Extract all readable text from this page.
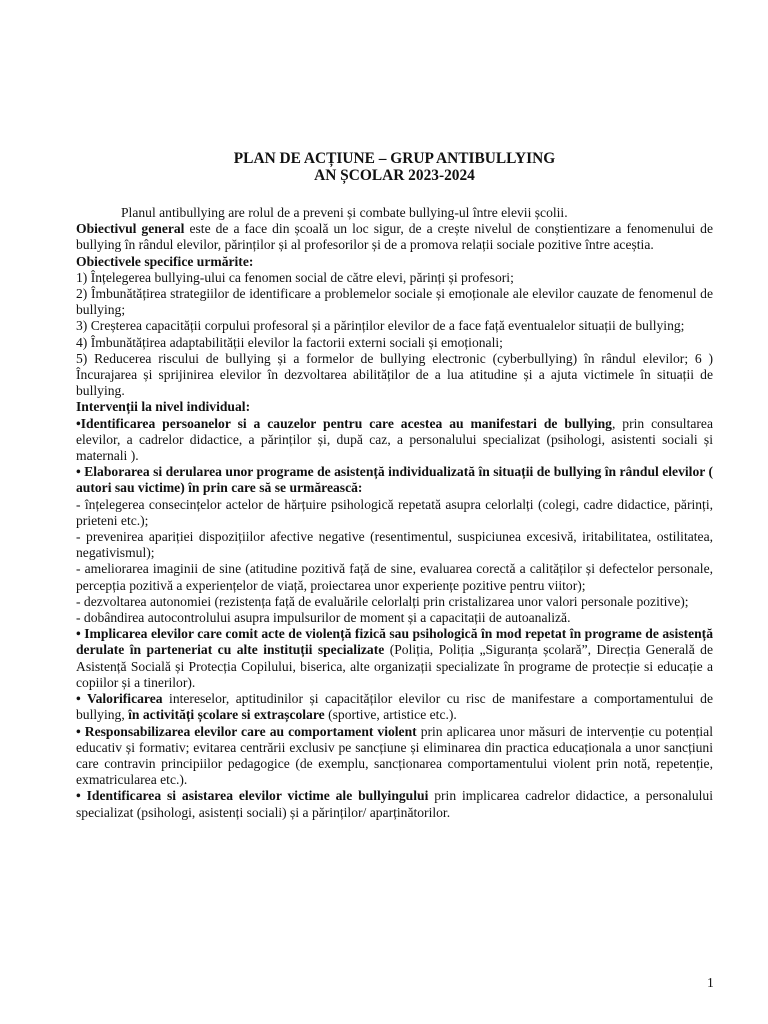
PLAN DE ACȚIUNE – GRUP ANTIBULLYING

AN ȘCOLAR 2023-2024

Planul antibullying are rolul de a preveni și combate bullying-ul între elevii școlii.

Obiectivul general este de a face din școală un loc sigur, de a crește nivelul de conștientizare a fenomenului de bullying în rândul elevilor, părinților și al profesorilor și de a promova relații sociale pozitive între aceștia.

Obiectivele specifice urmărite:

1) Înțelegerea bullying-ului ca fenomen social de către elevi, părinți și profesori;

2) Îmbunătățirea strategiilor de identificare a problemelor sociale și emoționale ale elevilor cauzate de fenomenul de bullying;

3) Creșterea capacității corpului profesoral și a părinților elevilor de a face față eventualelor situații de bullying;

4) Îmbunătățirea adaptabilității elevilor la factorii externi sociali și emoționali;

5) Reducerea riscului de bullying și a formelor de bullying electronic (cyberbullying) în rândul elevilor; 6 ) Încurajarea și sprijinirea elevilor în dezvoltarea abilităților de a lua atitudine și a ajuta victimele în situații de bullying.

Intervenții la nivel individual:

•Identificarea persoanelor si a cauzelor pentru care acestea au manifestari de bullying, prin consultarea elevilor, a cadrelor didactice, a părinților și, după caz, a personalului specializat (psihologi, asistenti sociali și maternali ).

• Elaborarea si derularea unor programe de asistență individualizată în situații de bullying în rândul elevilor ( autori sau victime) în prin care să se urmărească:

- înțelegerea consecințelor actelor de hărțuire psihologică repetată asupra celorlalți (colegi, cadre didactice, părinți, prieteni etc.);

- prevenirea apariției dispozițiilor afective negative (resentimentul, suspiciunea excesivă, iritabilitatea, ostilitatea, negativismul);

- ameliorarea imaginii de sine (atitudine pozitivă față de sine, evaluarea corectă a calităților și defectelor personale, percepția pozitivă a experiențelor de viață, proiectarea unor experiențe pozitive pentru viitor);

- dezvoltarea autonomiei (rezistența față de evaluările celorlalți prin cristalizarea unor valori personale pozitive);

- dobândirea autocontrolului asupra impulsurilor de moment și a capacitații de autoanaliză.

• Implicarea elevilor care comit acte de violență fizică sau psihologică în mod repetat în programe de asistență derulate în parteneriat cu alte instituții specializate (Poliția, Poliția „Siguranța școlară”, Direcția Generală de Asistență Socială și Protecția Copilului, biserica, alte organizații specializate în programe de protecție si educație a copiilor și a tinerilor).

• Valorificarea intereselor, aptitudinilor și capacităților elevilor cu risc de manifestare a comportamentului de bullying, în activități școlare si extrașcolare (sportive, artistice etc.).

• Responsabilizarea elevilor care au comportament violent prin aplicarea unor măsuri de intervenție cu potențial educativ și formativ; evitarea centrării exclusiv pe sancțiune și eliminarea din practica educaționala a unor sancțiuni care contravin principiilor pedagogice (de exemplu, sancționarea comportamentului violent prin notă, repetenție, exmatricularea etc.).

• Identificarea si asistarea elevilor victime ale bullyingului prin implicarea cadrelor didactice, a personalului specializat (psihologi, asistenți sociali) și a părinților/ aparținătorilor.

1
